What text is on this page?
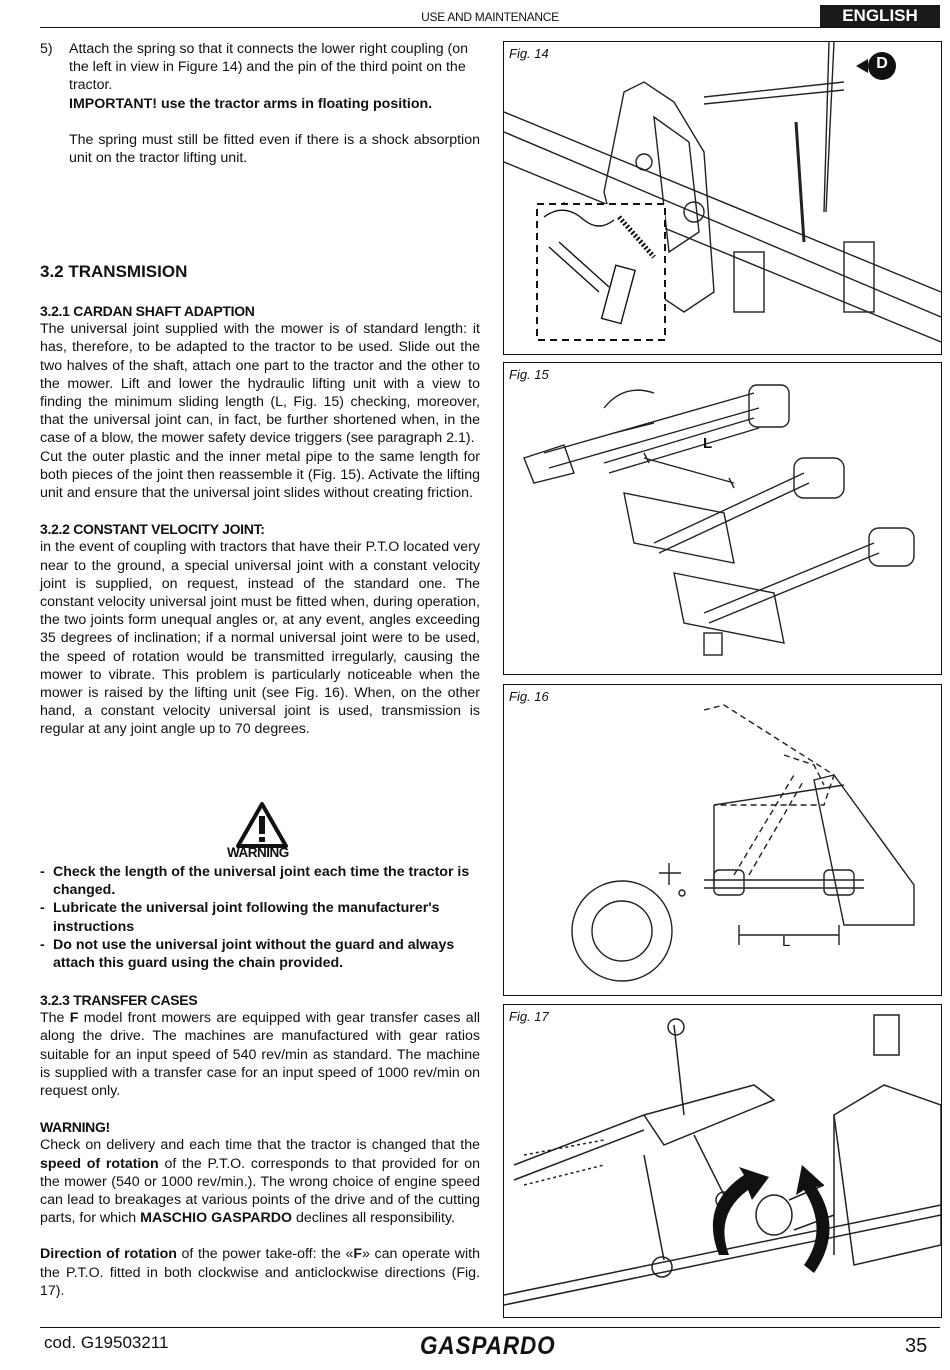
USE AND MAINTENANCE	ENGLISH
5) Attach the spring so that it connects the lower right coupling (on the left in view in Figure 14) and the pin of the third point on the tractor.

IMPORTANT! use the tractor arms in floating position.

The spring must still be fitted even if there is a shock absorption unit on the tractor lifting unit.

3.2 TRANSMISION
3.2.1 CARDAN SHAFT ADAPTION

The universal joint supplied with the mower is of standard length: it has, therefore, to be adapted to the tractor to be used. Slide out the two halves of the shaft, attach one part to the tractor and the other to the mower. Lift and lower the hydraulic lifting unit with a view to finding the minimum sliding length (L, Fig. 15) checking, moreover, that the universal joint can, in fact, be further shortened when, in the case of a blow, the mower safety device triggers (see paragraph 2.1).

Cut the outer plastic and the inner metal pipe to the same length for both pieces of the joint then reassemble it (Fig. 15). Activate the lifting unit and ensure that the universal joint slides without creating friction.

3.2.2 CONSTANT VELOCITY JOINT:

in the event of coupling with tractors that have their P.T.O located very near to the ground, a special universal joint with a constant velocity joint is supplied, on request, instead of the standard one. The constant velocity universal joint must be fitted when, during operation, the two joints form unequal angles or, at any event, angles exceeding 35 degrees of inclination; if a normal universal joint were to be used, the speed of rotation would be transmitted irregularly, causing the mower to vibrate. This problem is particularly noticeable when the mower is raised by the lifting unit (see Fig. 16). When, on the other hand, a constant velocity universal joint is used, transmission is regular at any joint angle up to 70 degrees.

WARNING
- Check the length of the universal joint each time the tractor is changed.
- Lubricate the universal joint following the manufacturer's instructions
- Do not use the universal joint without the guard and always attach this guard using the chain provided.
3.2.3 TRANSFER CASES

The F model front mowers are equipped with gear transfer cases all along the drive. The machines are manufactured with gear ratios suitable for an input speed of 540 rev/min as standard. The machine is supplied with a transfer case for an input speed of 1000 rev/min on request only.

WARNING!

Check on delivery and each time that the tractor is changed that the speed of rotation of the P.T.O. corresponds to that provided for on the mower (540 or 1000 rev/min.). The wrong choice of engine speed can lead to breakages at various points of the drive and of the cutting parts, for which MASCHIO GASPARDO declines all responsibility.

Direction of rotation of the power take-off: the «F» can operate with the P.T.O. fitted in both clockwise and anticlockwise directions (Fig. 17).

Fig. 14
D
Fig. 15
L
Fig. 16
L
Fig. 17
cod. G19503211	GASPARDO	35
